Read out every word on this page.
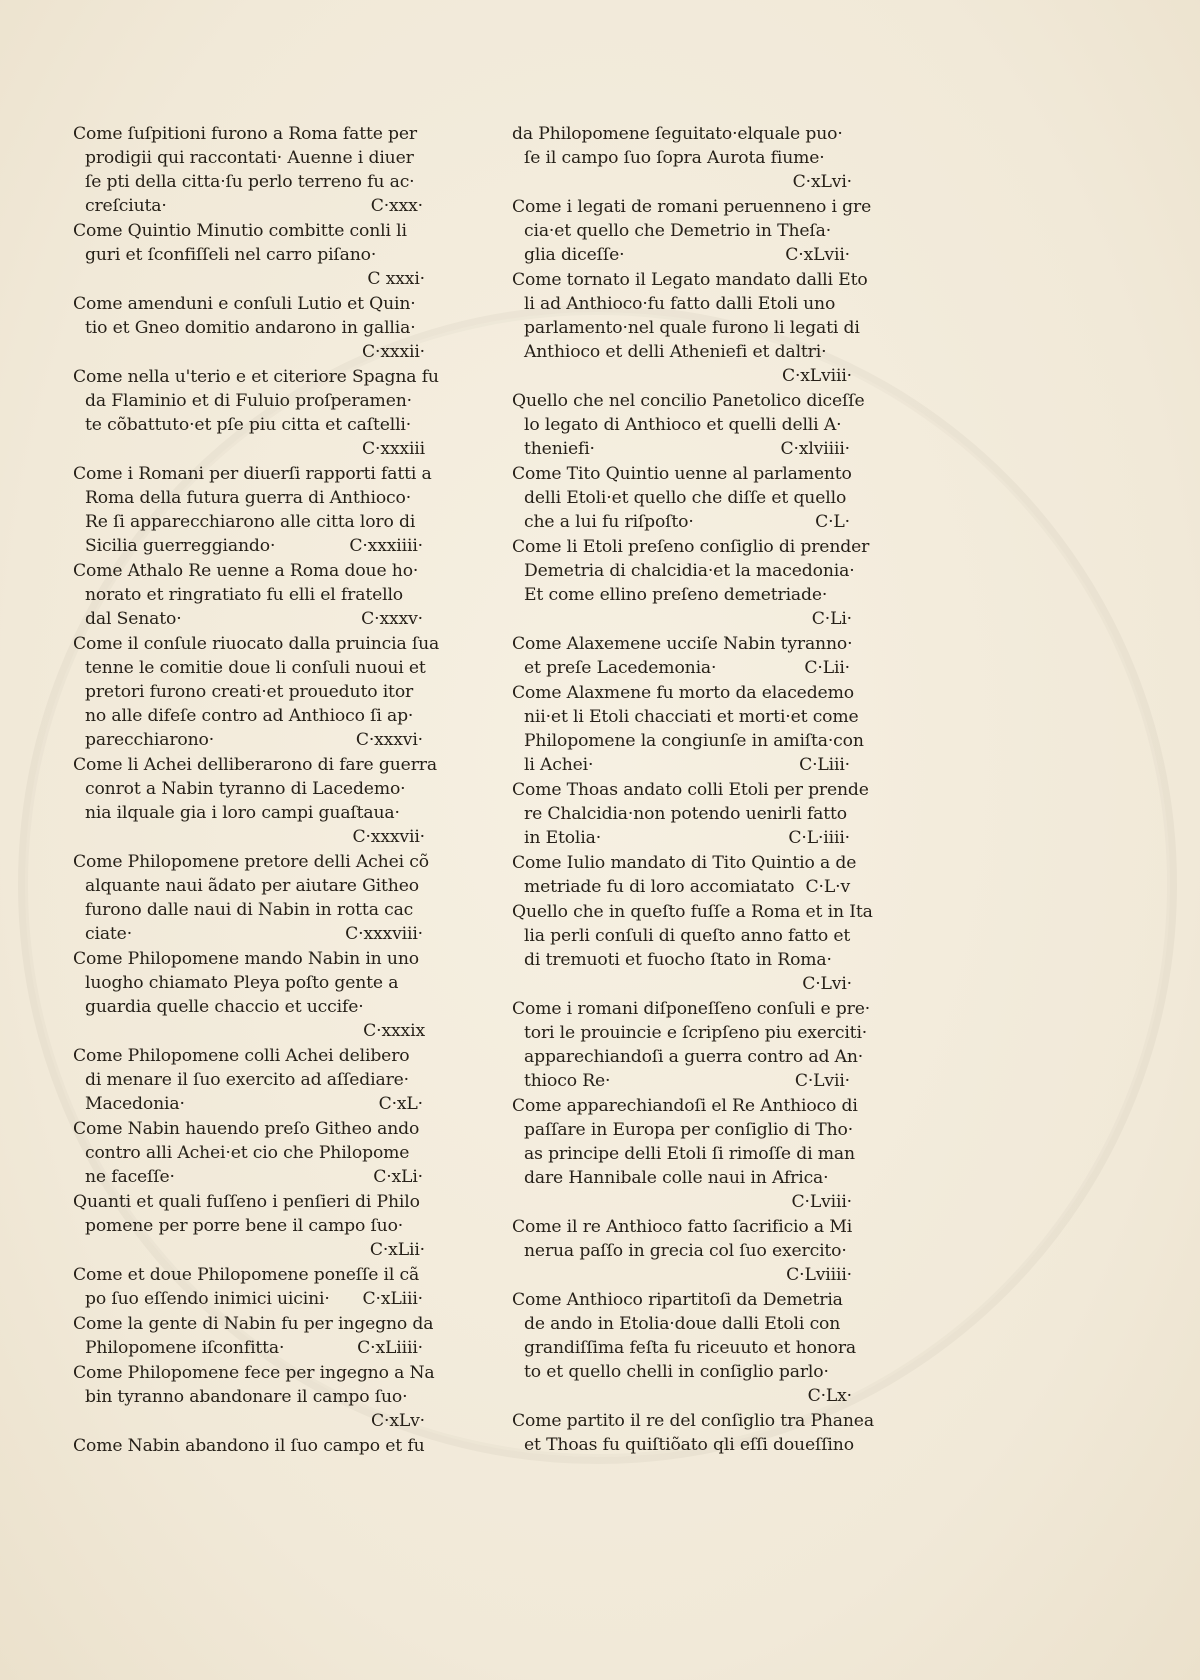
Come ſuſpitioni furono a Roma fatte per
prodigii qui raccontati· Auenne i diuer
ſe pti della citta·ſu perlo terreno fu ac·
creſciuta·	C·xxx·
Come Quintio Minutio combitte conli li
guri et ſconfiſſeli nel carro piſano·
C xxxi·
Come amenduni e conſuli Lutio et Quin·
tio et Gneo domitio andarono in gallia·
C·xxxii·
Come nella u'terio e et citeriore Spagna fu
da Flaminio et di Fuluio proſperamen·
te cõbattuto·et pſe piu citta et caſtelli·
C·xxxiii
Come i Romani per diuerſi rapporti fatti a
Roma della futura guerra di Anthioco·
Re ſi apparecchiarono alle citta loro di
Sicilia guerreggiando·	C·xxxiiii·
Come Athalo Re uenne a Roma doue ho·
norato et ringratiato fu elli el fratello
dal Senato·	C·xxxv·
Come il conſule riuocato dalla pruincia ſua
tenne le comitie doue li conſuli nuoui et
pretori furono creati·et proueduto itor
no alle difeſe contro ad Anthioco ſi ap·
parecchiarono·	C·xxxvi·
Come li Achei delliberarono di fare guerra
conrot a Nabin tyranno di Lacedemo·
nia ilquale gia i loro campi guaſtaua·
C·xxxvii·
Come Philopomene pretore delli Achei cõ
alquante naui ãdato per aiutare Githeo
furono dalle naui di Nabin in rotta cac
ciate·	C·xxxviii·
Come Philopomene mando Nabin in uno
luogho chiamato Pleya poſto gente a
guardia quelle chaccio et uccife·
C·xxxix
Come Philopomene colli Achei delibero
di menare il ſuo exercito ad aſſediare·
Macedonia·	C·xL·
Come Nabin hauendo preſo Githeo ando
contro alli Achei·et cio che Philopome
ne faceſſe·	C·xLi·
Quanti et quali fuſſeno i penſieri di Philo
pomene per porre bene il campo ſuo·
C·xLii·
Come et doue Philopomene poneſſe il cã
po ſuo eſſendo inimici uicini· C·xLiii·
Come la gente di Nabin fu per ingegno da
Philopomene iſconfitta·	C·xLiiii·
Come Philopomene fece per ingegno a Na
bin tyranno abandonare il campo ſuo·
C·xLv·
Come Nabin abandono il ſuo campo et fu
da Philopomene ſeguitato·elquale puo·
ſe il campo ſuo ſopra Aurota fiume·
C·xLvi·
Come i legati de romani peruenneno i gre
cia·et quello che Demetrio in Theſa·
glia diceſſe·	C·xLvii·
Come tornato il Legato mandato dalli Eto
li ad Anthioco·fu fatto dalli Etoli uno
parlamento·nel quale furono li legati di
Anthioco et delli Atheniefi et daltri·
C·xLviii·
Quello che nel concilio Panetolico diceſſe
lo legato di Anthioco et quelli delli A·
theniefi·	C·xlviiii·
Come Tito Quintio uenne al parlamento
delli Etoli·et quello che diſſe et quello
che a lui fu riſpoſto·	C·L·
Come li Etoli preſeno conſiglio di prender
Demetria di chalcidia·et la macedonia·
Et come ellino preſeno demetriade·
C·Li·
Come Alaxemene ucciſe Nabin tyranno·
et preſe Lacedemonia·	C·Lii·
Come Alaxmene fu morto da elacedemo
nii·et li Etoli chacciati et morti·et come
Philopomene la congiunſe in amiſta·con
li Achei·	C·Liii·
Come Thoas andato colli Etoli per prende
re Chalcidia·non potendo uenirli fatto
in Etolia·	C·L·iiii·
Come Iulio mandato di Tito Quintio a de
metriade fu di loro accomiatato C·L·v
Quello che in queſto fuſſe a Roma et in Ita
lia perli conſuli di queſto anno fatto et
di tremuoti et fuocho ſtato in Roma·
C·Lvi·
Come i romani diſponeſſeno conſuli e pre·
tori le prouincie e ſcripſeno piu exerciti·
apparechiandoſi a guerra contro ad An·
thioco Re·	C·Lvii·
Come apparechiandoſi el Re Anthioco di
paſſare in Europa per conſiglio di Tho·
as principe delli Etoli ſi rimoſſe di man
dare Hannibale colle naui in Africa·
C·Lviii·
Come il re Anthioco fatto ſacrificio a Mi
nerua paſſo in grecia col ſuo exercito·
C·Lviiii·
Come Anthioco ripartitoſi da Demetria
de ando in Etolia·doue dalli Etoli con
grandiſſima feſta fu riceuuto et honora
to et quello chelli in conſiglio parlo·
C·Lx·
Come partito il re del conſiglio tra Phanea
et Thoas fu quiſtiõato qli eſſi doueſſino
